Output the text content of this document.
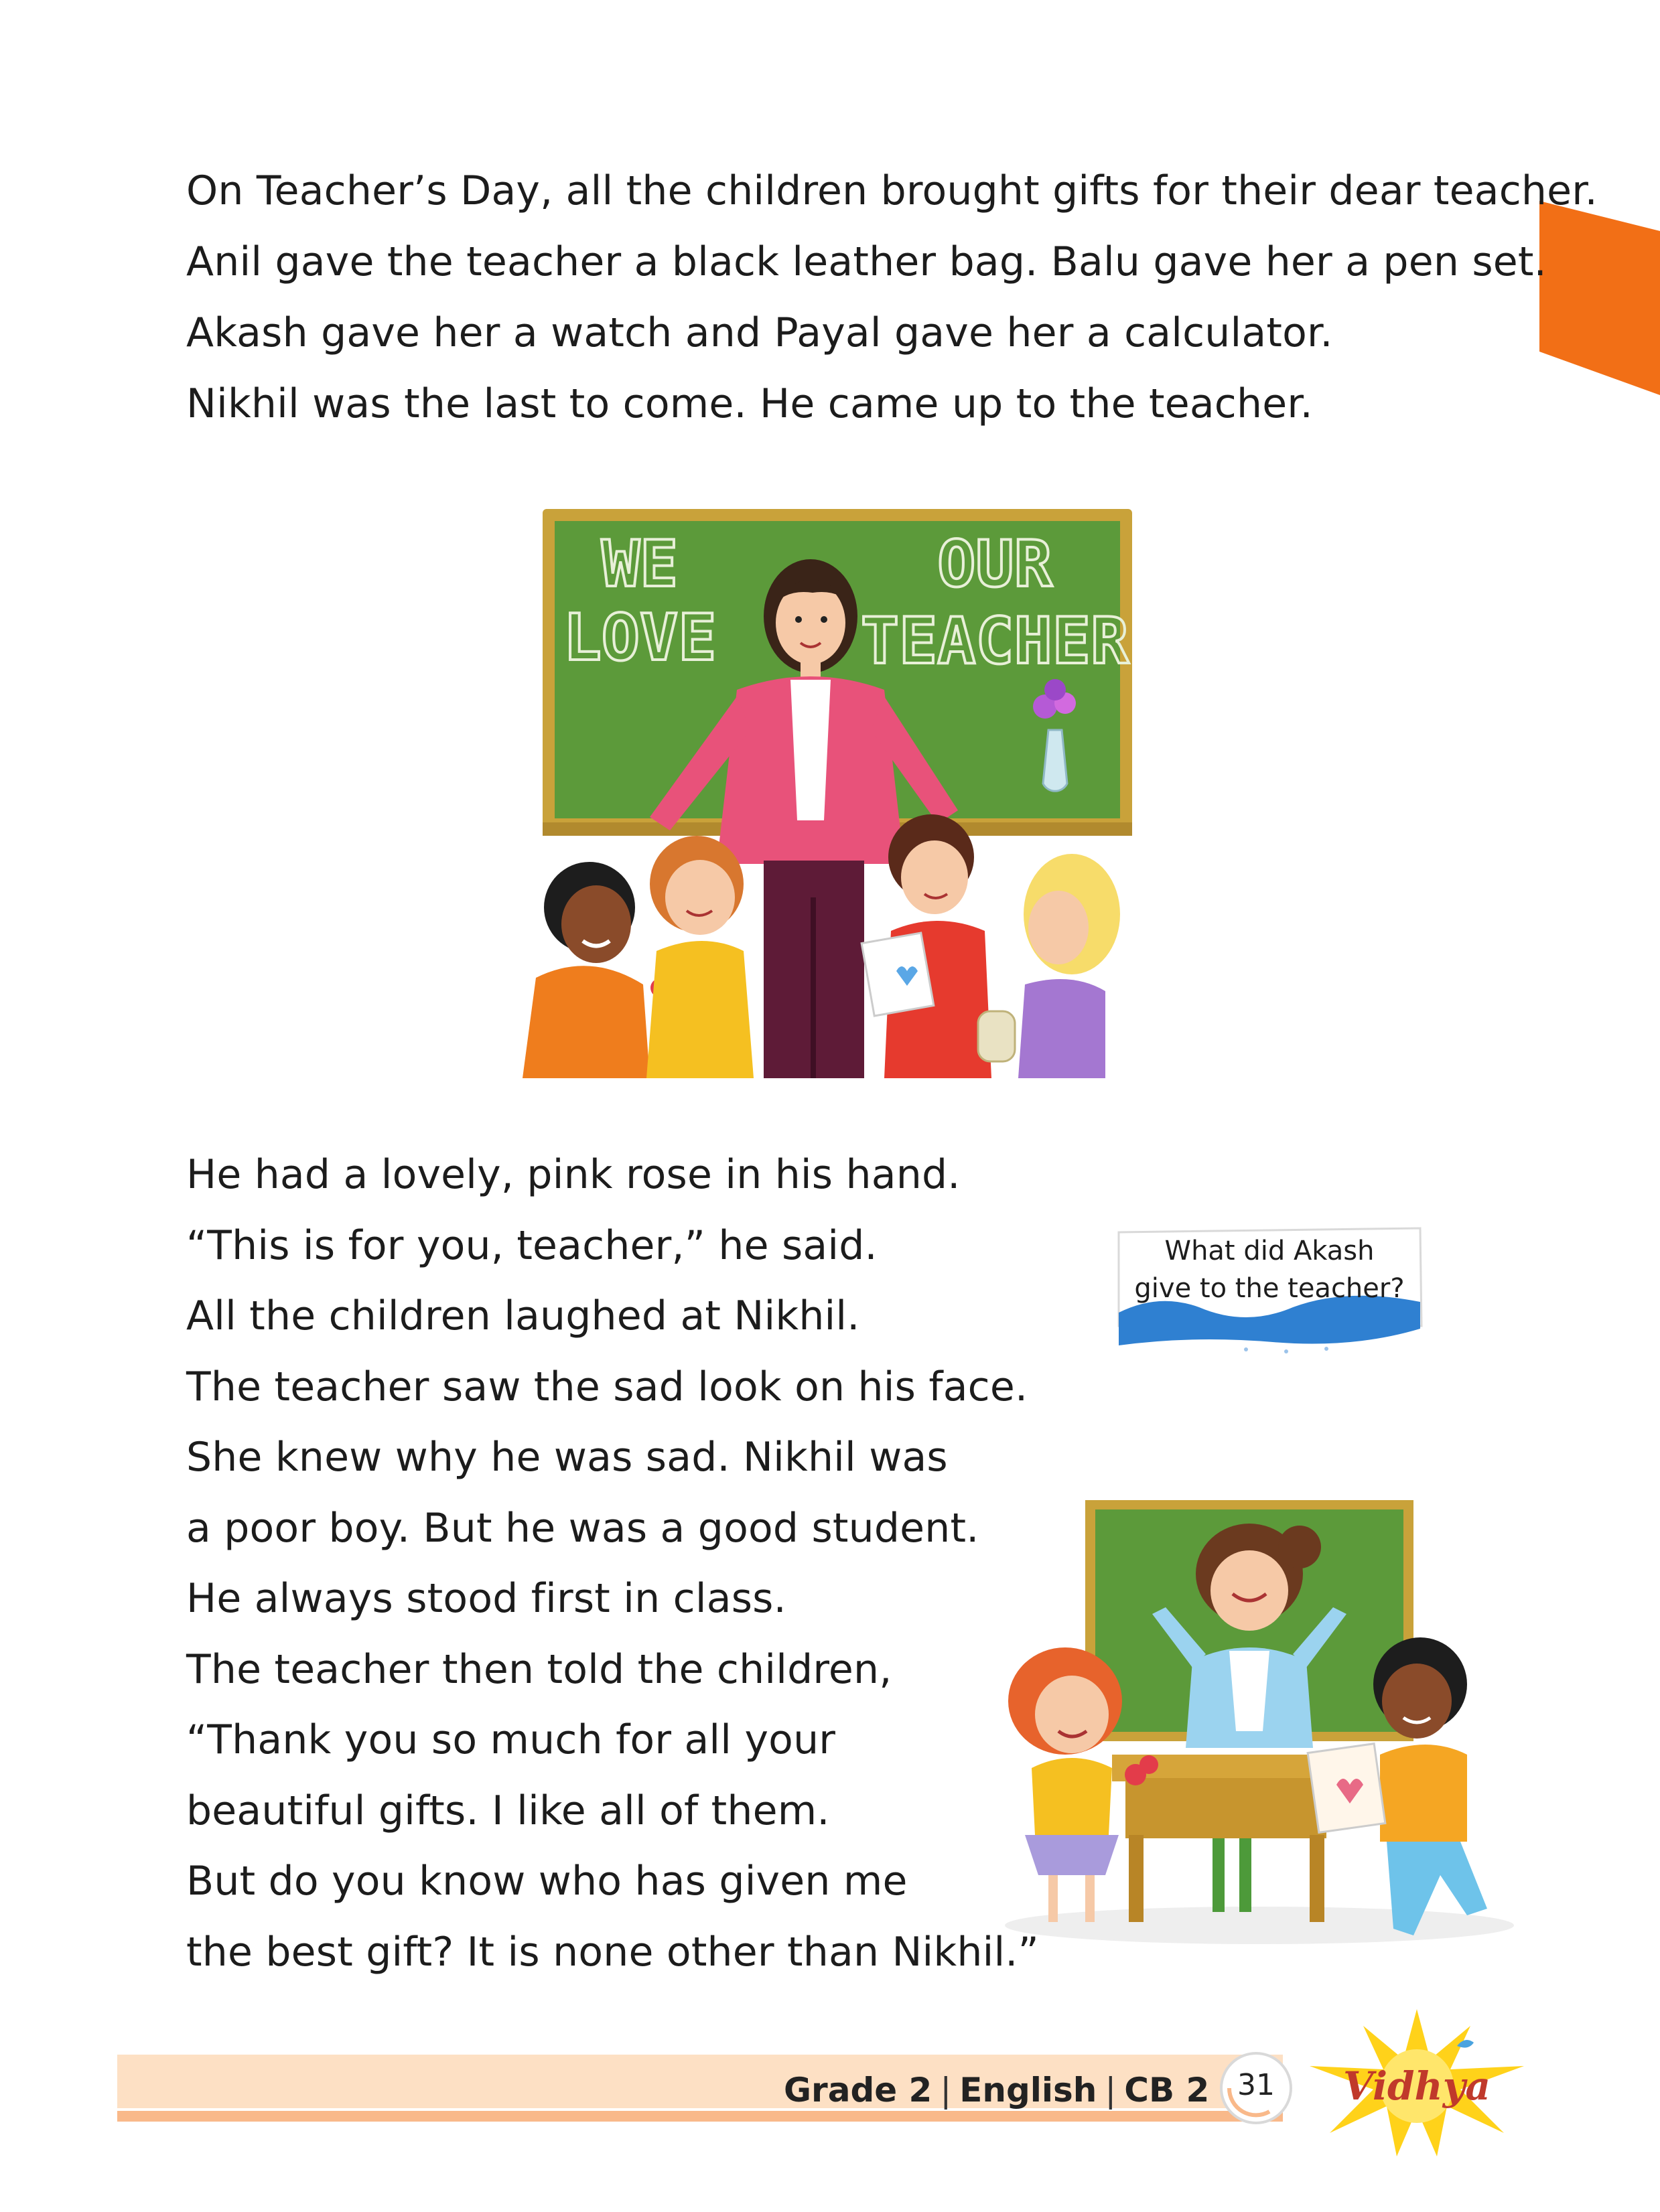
On Teacher’s Day, all the children brought gifts for their dear teacher.
Anil gave the teacher a black leather bag. Balu gave her a pen set.
Akash gave her a watch and Payal gave her a calculator.
Nikhil was the last to come. He came up to the teacher.
WE
LOVE
OUR
TEACHER
He had a lovely, pink rose in his hand.
“This is for you, teacher,” he said.
All the children laughed at Nikhil.
The teacher saw the sad look on his face.
She knew why he was sad. Nikhil was
a poor boy. But he was a good student.
He always stood first in class.
The teacher then told the children,
“Thank you so much for all your
beautiful gifts. I like all of them.
But do you know who has given me
the best gift? It is none other than Nikhil.”
What did Akash
give to the teacher?
Grade 2 | English | CB 2 31	Vidhya
